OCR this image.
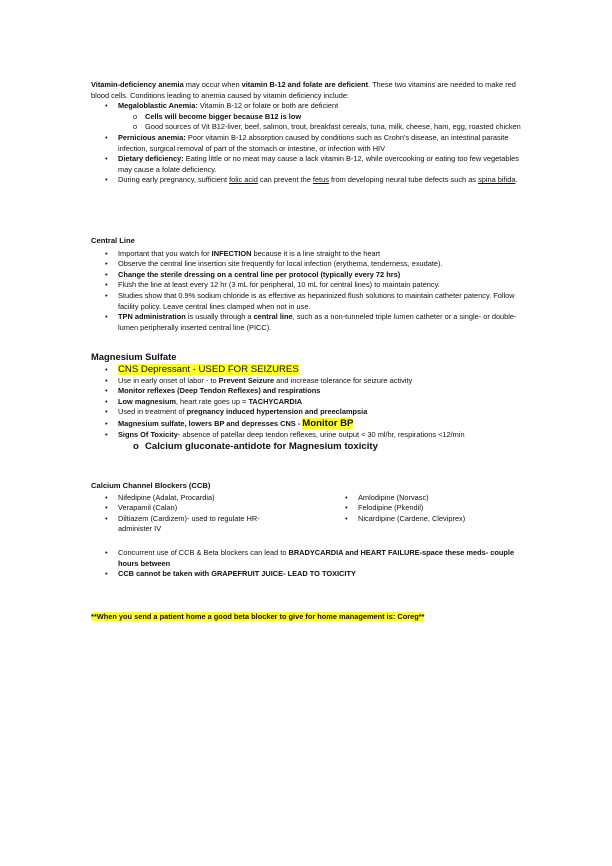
Vitamin-deficiency anemia may occur when vitamin B-12 and folate are deficient. These two vitamins are needed to make red blood cells. Conditions leading to anemia caused by vitamin deficiency include:

• Megaloblastic Anemia: Vitamin B-12 or folate or both are deficient
o Cells will become bigger because B12 is low
o Good sources of Vit B12-liver, beef, salmon, trout, breakfast cereals, tuna, milk, cheese, ham, egg, roasted chicken
• Pernicious anemia: Poor vitamin B-12 absorption caused by conditions such as Crohn's disease, an intestinal parasite infection, surgical removal of part of the stomach or intestine, or infection with HIV
• Dietary deficiency: Eating little or no meat may cause a lack vitamin B-12, while overcooking or eating too few vegetables may cause a folate deficiency.
• During early pregnancy, sufficient folic acid can prevent the fetus from developing neural tube defects such as spina bifida.

Central Line

• Important that you watch for INFECTION because it is a line straight to the heart
• Observe the central line insertion site frequently for local infection (erythema, tenderness, exudate).
• Change the sterile dressing on a central line per protocol (typically every 72 hrs)
• Flush the line at least every 12 hr (3 mL for peripheral, 10 mL for central lines) to maintain patency.
• Studies show that 0.9% sodium chloride is as effective as heparinized flush solutions to maintain catheter patency. Follow facility policy. Leave central lines clamped when not in use.
• TPN administration is usually through a central line, such as a non-tunneled triple lumen catheter or a single- or double-lumen peripherally inserted central line (PICC).

Magnesium Sulfate

• CNS Depressant - USED FOR SEIZURES
• Use in early onset of labor - to Prevent Seizure and increase tolerance for seizure activity
• Monitor reflexes (Deep Tendon Reflexes) and respirations
• Low magnesium, heart rate goes up = TACHYCARDIA
• Used in treatment of pregnancy induced hypertension and preeclampsia
• Magnesium sulfate, lowers BP and depresses CNS - Monitor BP
• Signs Of Toxicity- absence of patellar deep tendon reflexes, urine output < 30 ml/hr, respirations <12/min
o Calcium gluconate-antidote for Magnesium toxicity

Calcium Channel Blockers (CCB)

• Nifedipine (Adalat, Procardia)
• Verapamil (Calan)
• Diltiazem (Cardizem)- used to regulate HR- administer IV
• Amlodipine (Norvasc)
• Felodipine (Pkendil)
• Nicardipine (Cardene, Cleviprex)
• Concurrent use of CCB & Beta blockers can lead to BRADYCARDIA and HEART FAILURE-space these meds- couple hours between
• CCB cannot be taken with GRAPEFRUIT JUICE- LEAD TO TOXICITY

**When you send a patient home a good beta blocker to give for home management is: Coreg**
